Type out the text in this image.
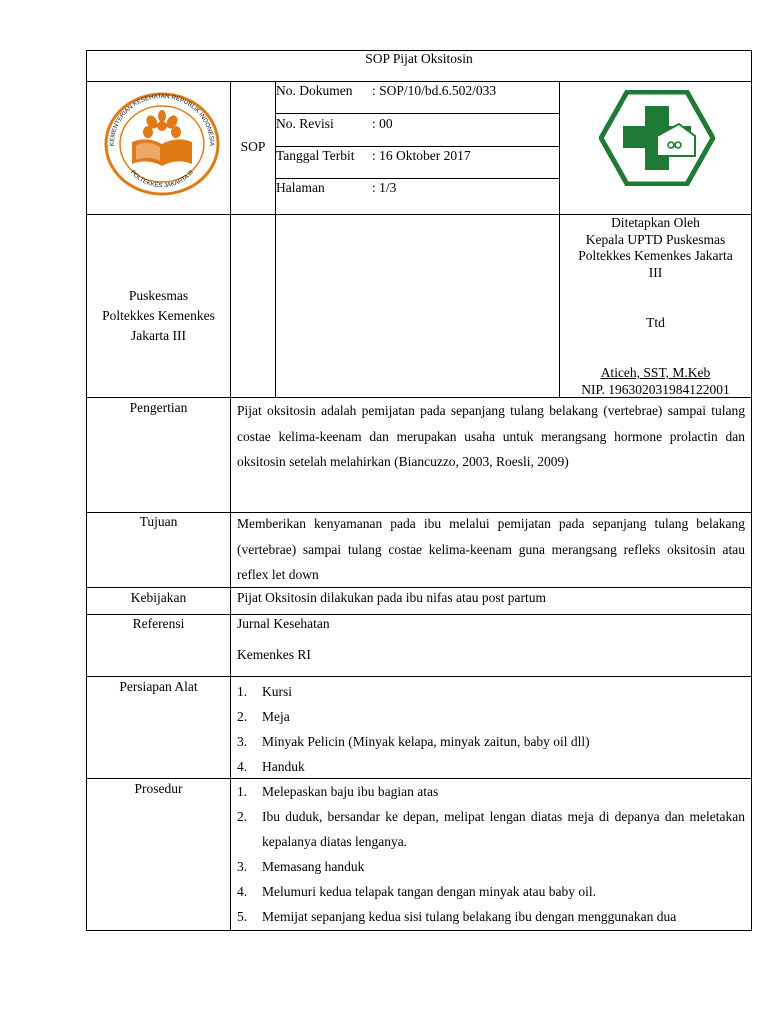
SOP Pijat Oksitosin
KEMENTERIAN KESEHATAN REPUBLIK INDONESIA
POLTEKKES JAKARTA III
SOP
No. Dokumen : SOP/10/bd.6.502/033
No. Revisi	: 00
Tanggal Terbit : 16 Oktober 2017
Halaman	: 1/3
Puskesmas
Poltekkes Kemenkes
Jakarta III
Ditetapkan Oleh
Kepala UPTD Puskesmas
Poltekkes Kemenkes Jakarta
III
Ttd
Aticeh, SST, M.Keb
NIP. 196302031984122001
Pengertian	Pijat oksitosin adalah pemijatan pada sepanjang tulang belakang (vertebrae) sampai tulang costae kelima-keenam dan merupakan usaha untuk merangsang hormone prolactin dan oksitosin setelah melahirkan (Biancuzzo, 2003, Roesli, 2009)
Tujuan	Memberikan kenyamanan pada ibu melalui pemijatan pada sepanjang tulang belakang (vertebrae) sampai tulang costae kelima-keenam guna merangsang refleks oksitosin atau reflex let down
Kebijakan	Pijat Oksitosin dilakukan pada ibu nifas atau post partum
Referensi	Jurnal Kesehatan
Kemenkes RI
Persiapan Alat	1. Kursi
2. Meja
3. Minyak Pelicin (Minyak kelapa, minyak zaitun, baby oil dll)
4. Handuk
Prosedur	1. Melepaskan baju ibu bagian atas
2. Ibu duduk, bersandar ke depan, melipat lengan diatas meja di depanya dan meletakan kepalanya diatas lenganya.
3. Memasang handuk
4. Melumuri kedua telapak tangan dengan minyak atau baby oil.
5. Memijat sepanjang kedua sisi tulang belakang ibu dengan menggunakan dua
